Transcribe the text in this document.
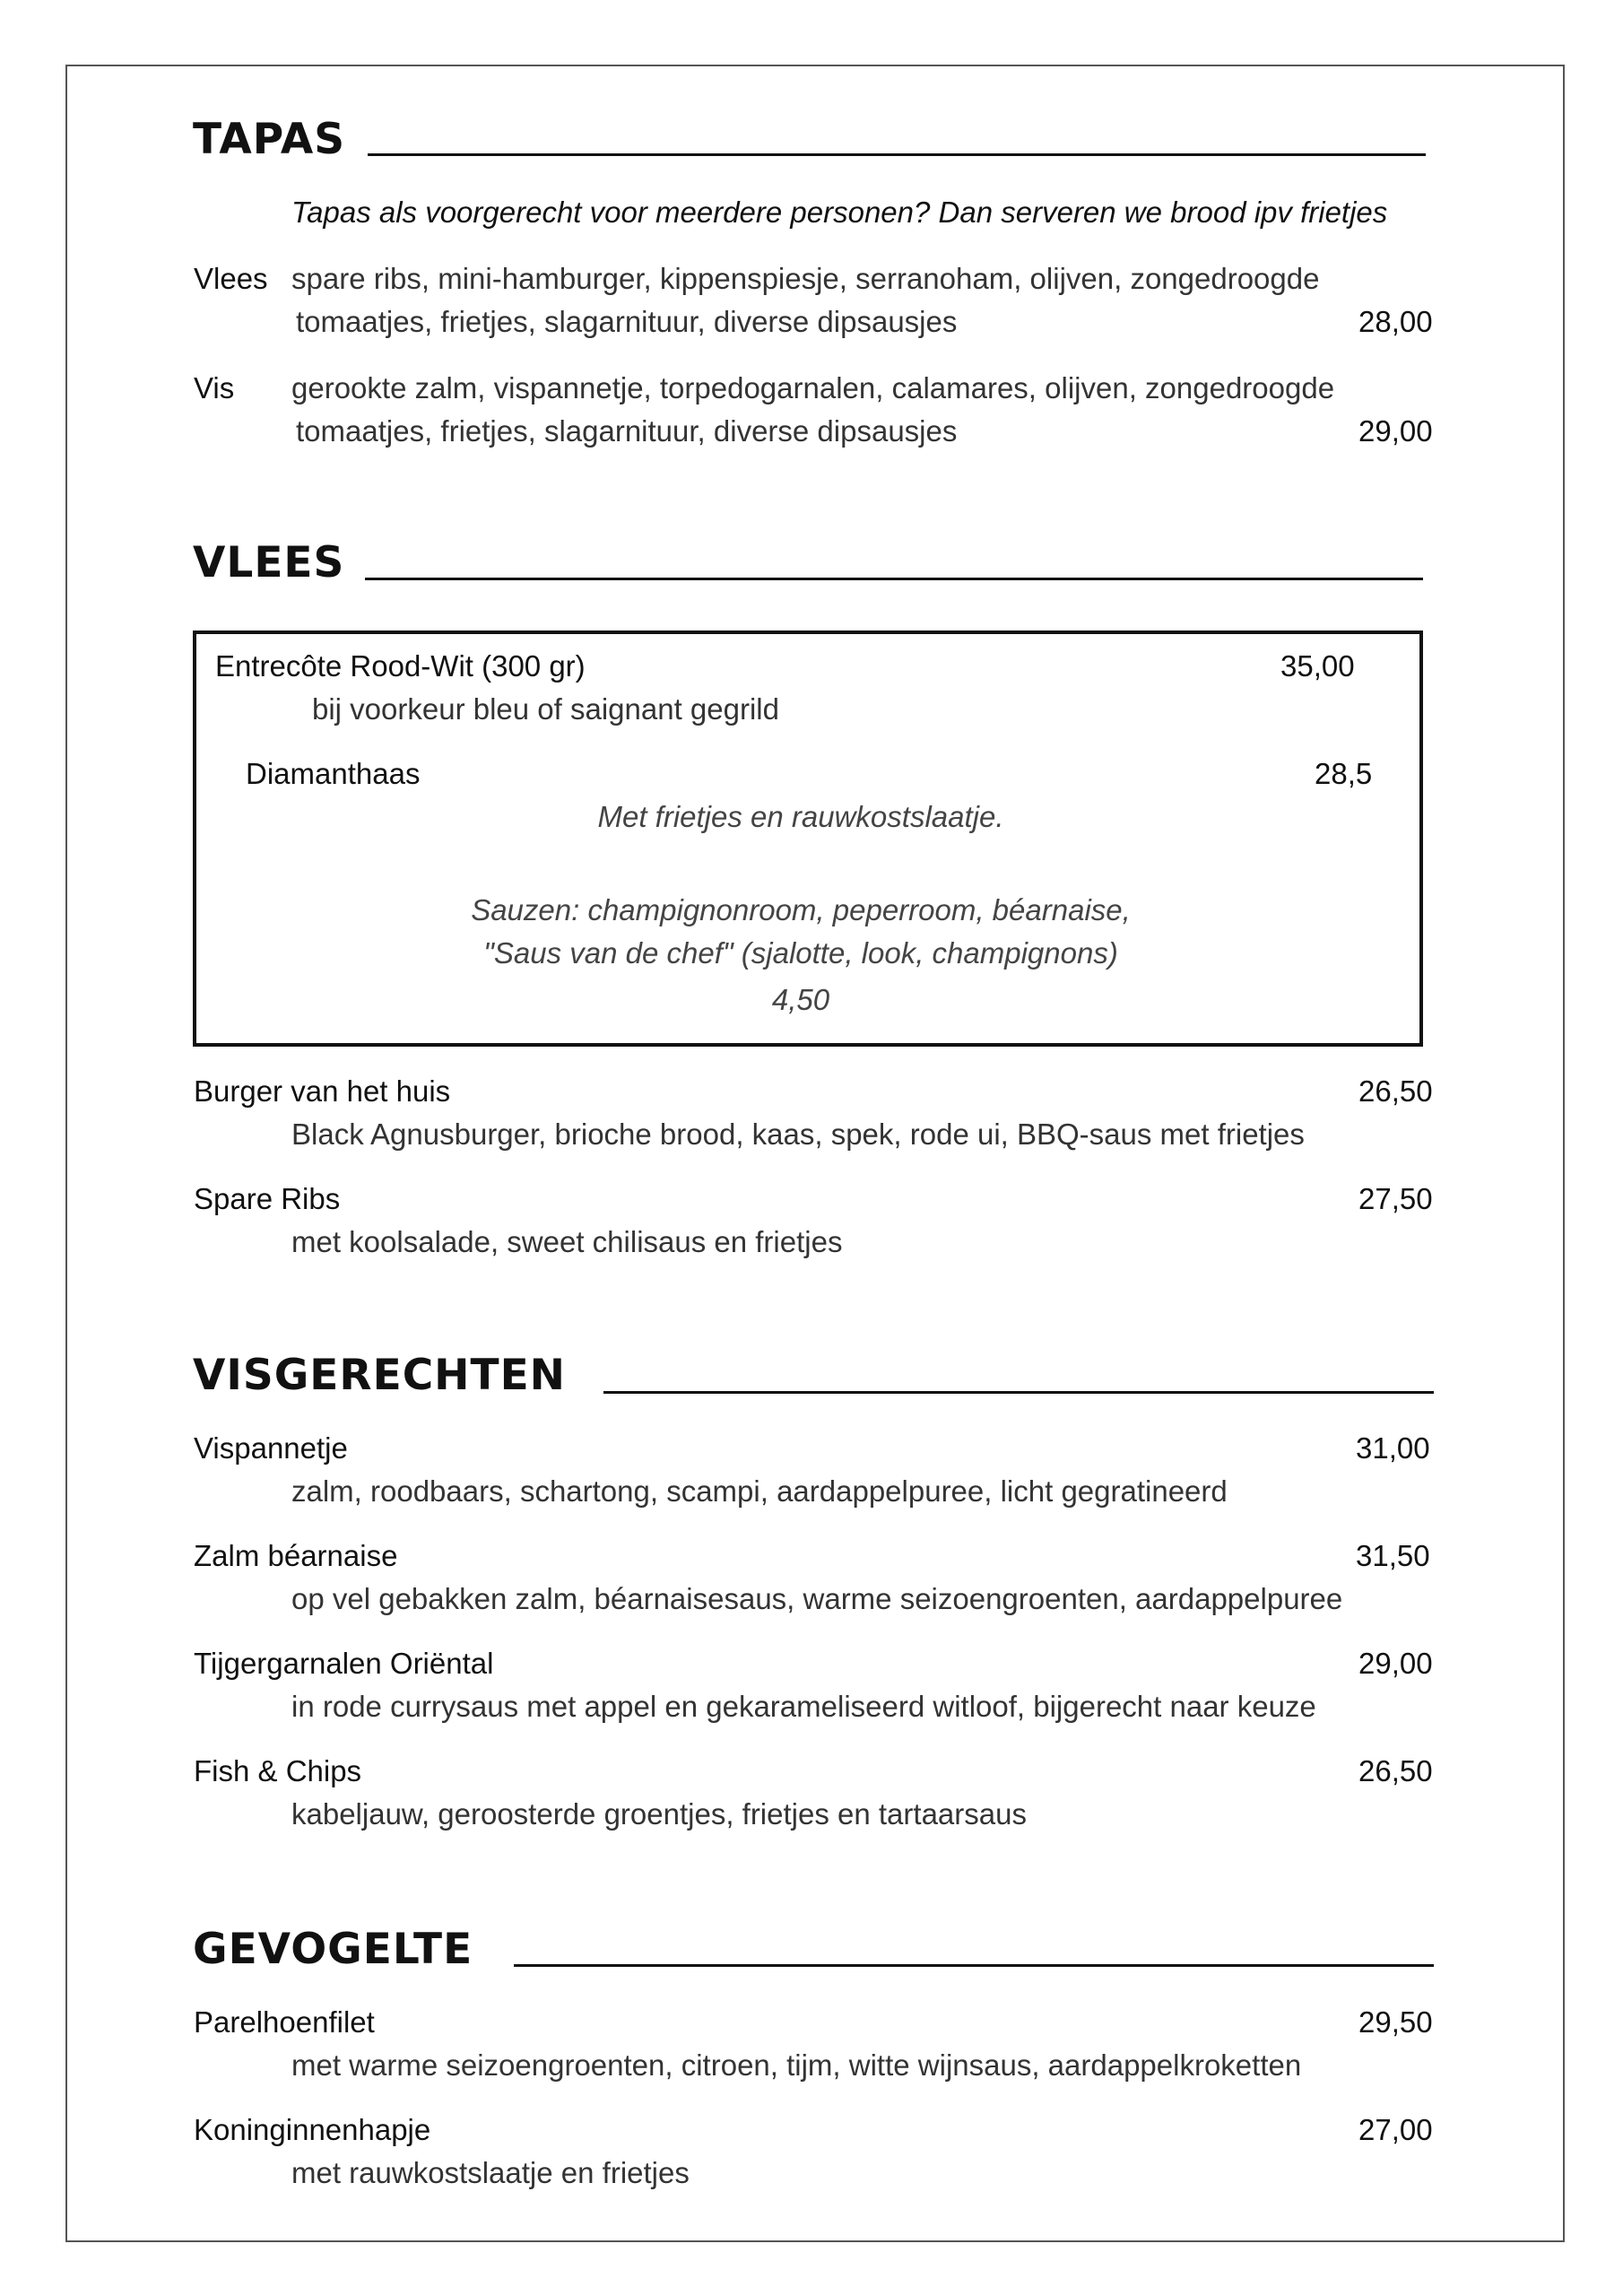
TAPAS
Tapas als voorgerecht voor meerdere personen? Dan serveren we brood ipv frietjes
Vlees spare ribs, mini-hamburger, kippenspiesje, serranoham, olijven, zongedroogde
tomaatjes, frietjes, slagarnituur, diverse dipsausjes	28,00
Vis gerookte zalm, vispannetje, torpedogarnalen, calamares, olijven, zongedroogde
tomaatjes, frietjes, slagarnituur, diverse dipsausjes	29,00
VLEES
Entrecôte Rood-Wit (300 gr)	35,00
bij voorkeur bleu of saignant gegrild
Diamanthaas	28,5
Met frietjes en rauwkostslaatje.
Sauzen: champignonroom, peperroom, béarnaise,
"Saus van de chef" (sjalotte, look, champignons)
4,50
Burger van het huis	26,50
Black Agnusburger, brioche brood, kaas, spek, rode ui, BBQ-saus met frietjes
Spare Ribs	27,50
met koolsalade, sweet chilisaus en frietjes
VISGERECHTEN
Vispannetje	31,00
zalm, roodbaars, schartong, scampi, aardappelpuree, licht gegratineerd
Zalm béarnaise	31,50
op vel gebakken zalm, béarnaisesaus, warme seizoengroenten, aardappelpuree
Tijgergarnalen Oriëntal	29,00
in rode currysaus met appel en gekarameliseerd witloof, bijgerecht naar keuze
Fish & Chips	26,50
kabeljauw, geroosterde groentjes, frietjes en tartaarsaus
GEVOGELTE
Parelhoenfilet	29,50
met warme seizoengroenten, citroen, tijm, witte wijnsaus, aardappelkroketten
Koninginnenhapje	27,00
met rauwkostslaatje en frietjes
